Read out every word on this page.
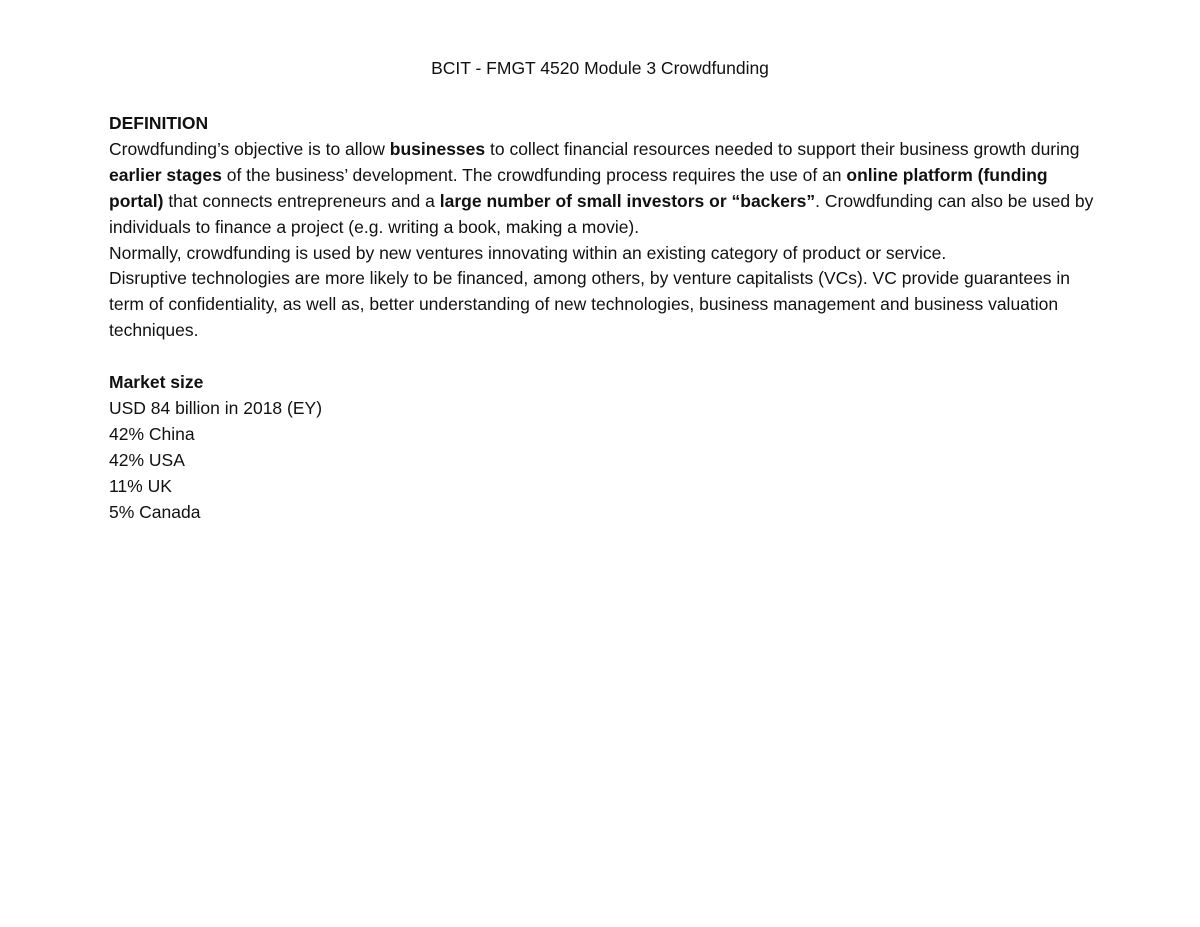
BCIT - FMGT 4520 Module 3 Crowdfunding
DEFINITION

Crowdfunding’s objective is to allow businesses to collect financial resources needed to support their business growth during earlier stages of the business’ development. The crowdfunding process requires the use of an online platform (funding portal) that connects entrepreneurs and a large number of small investors or “backers”. Crowdfunding can also be used by individuals to finance a project (e.g. writing a book, making a movie).

Normally, crowdfunding is used by new ventures innovating within an existing category of product or service.

Disruptive technologies are more likely to be financed, among others, by venture capitalists (VCs). VC provide guarantees in term of confidentiality, as well as, better understanding of new technologies, business management and business valuation techniques.

Market size

USD 84 billion in 2018 (EY)

42% China

42% USA

11% UK

5% Canada
